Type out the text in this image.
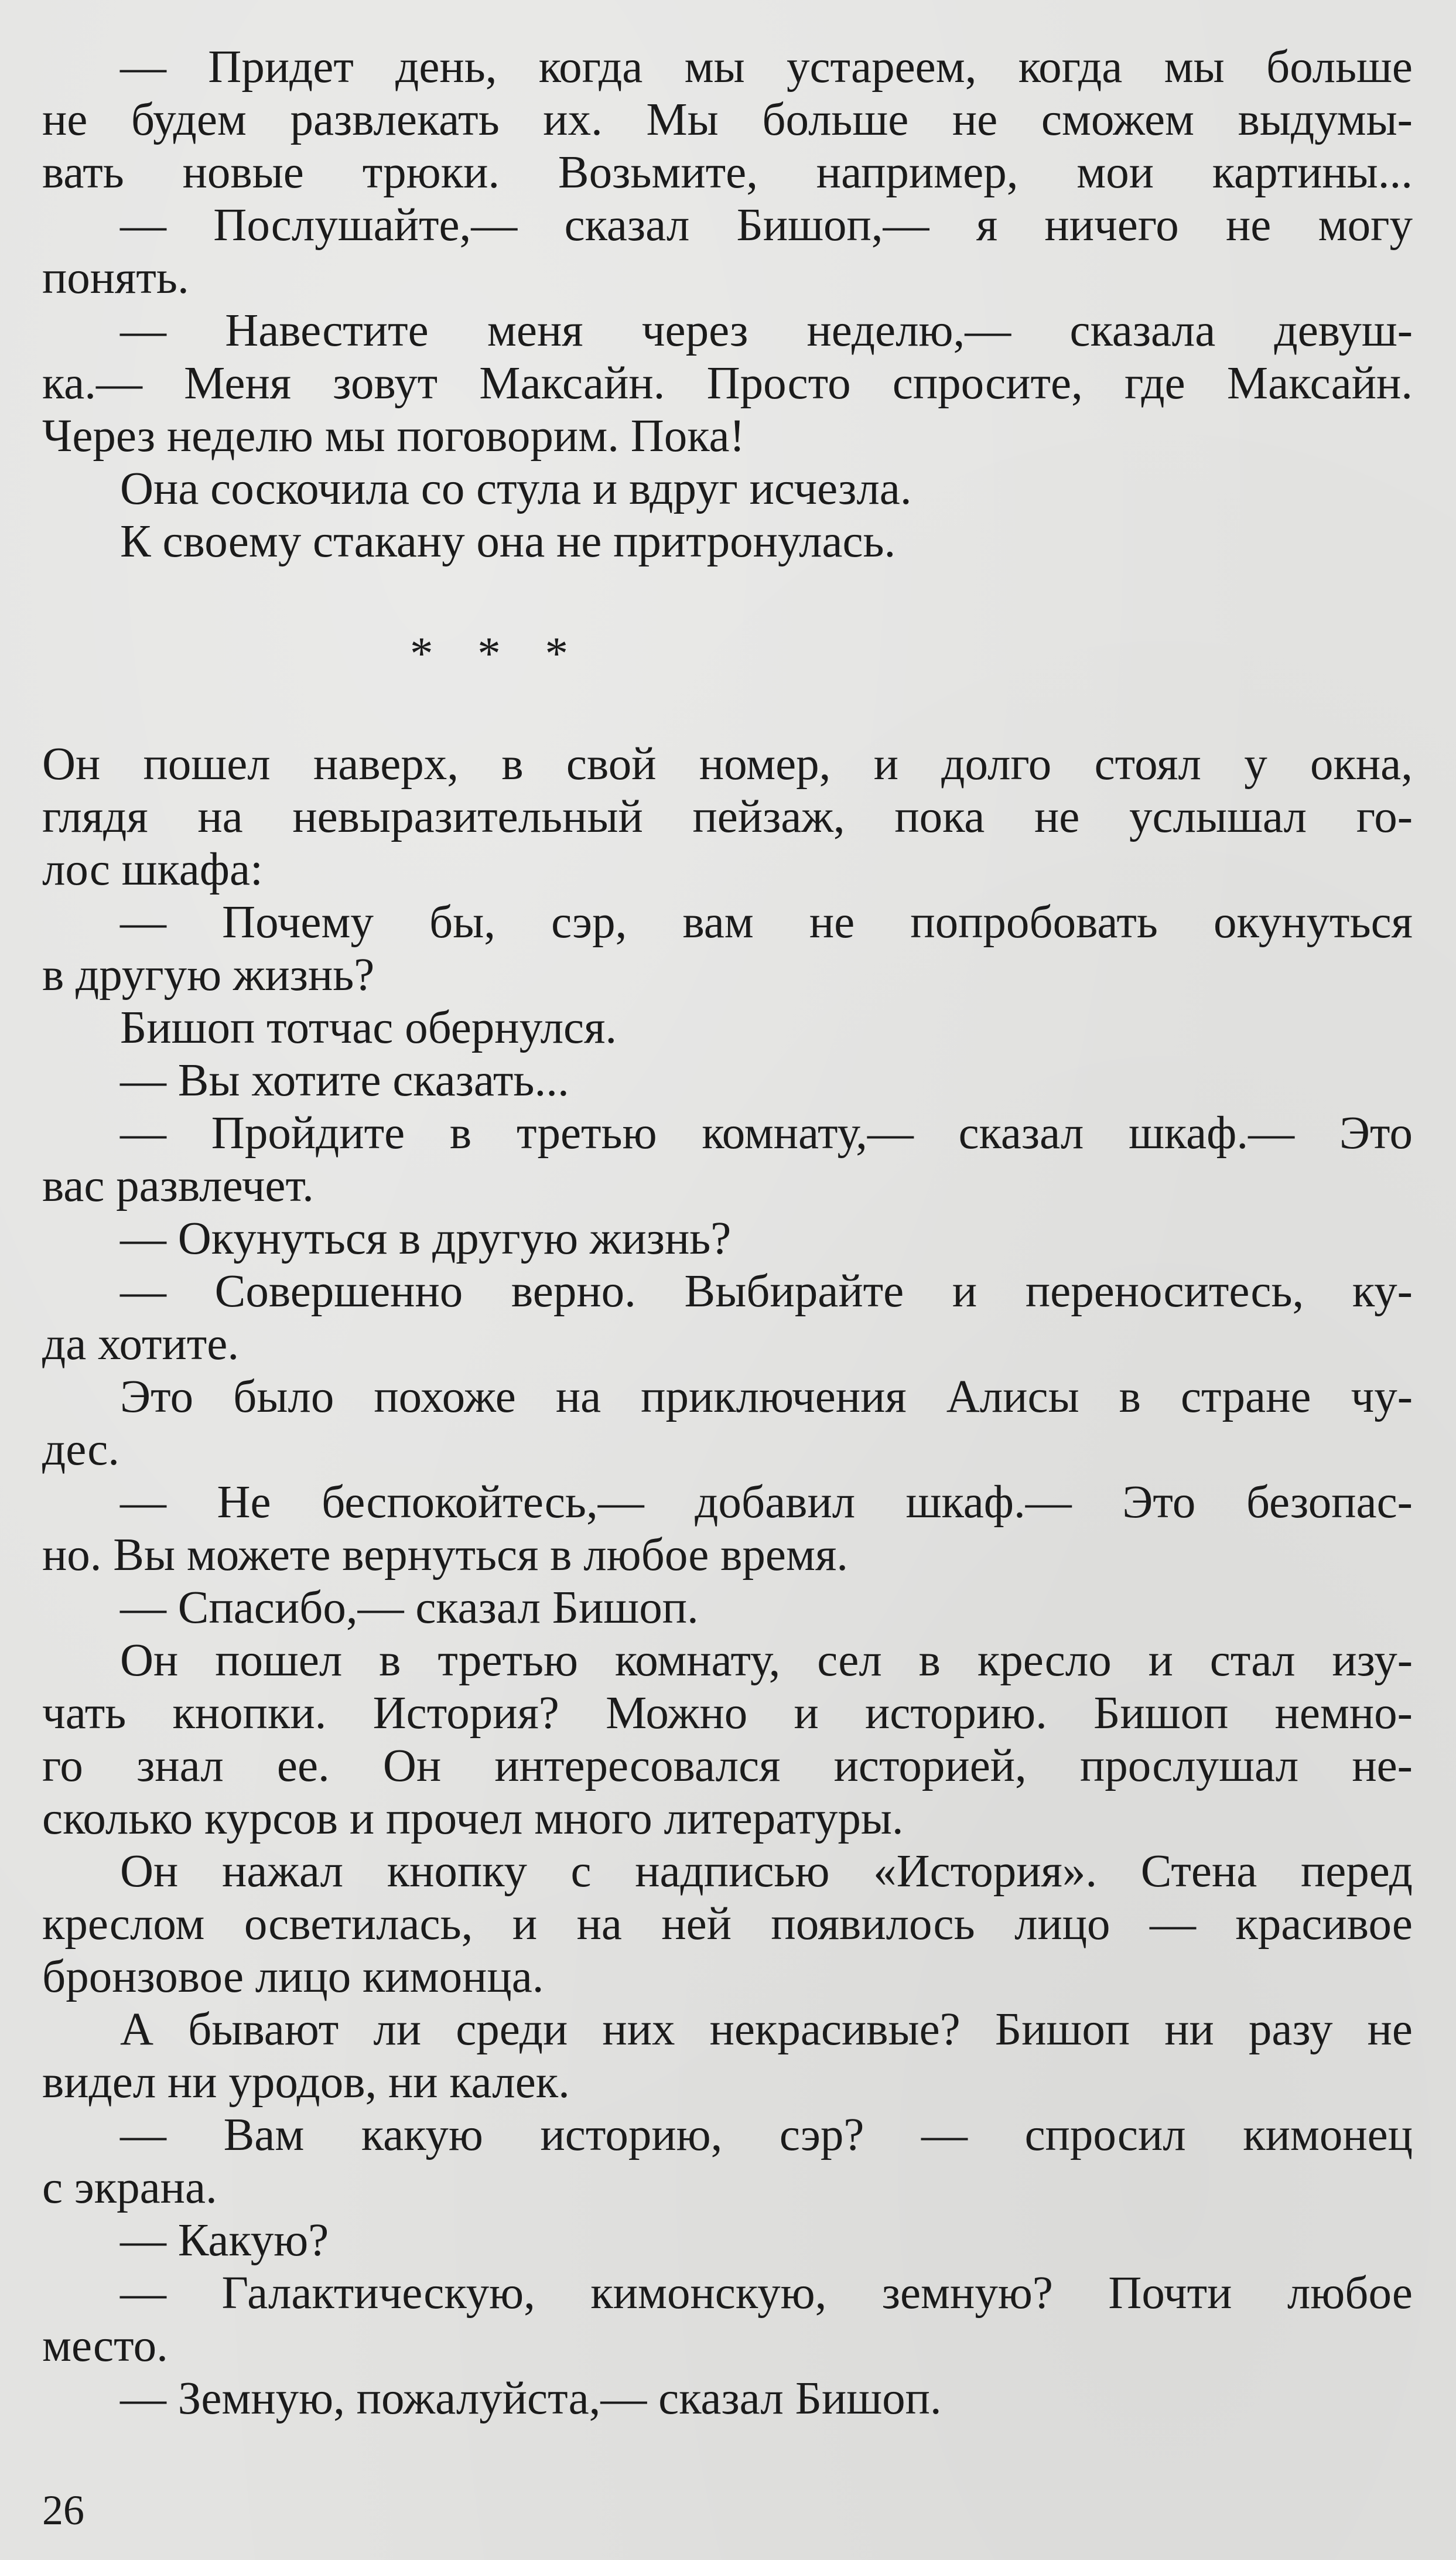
— Придет день, когда мы устареем, когда мы больше
не будем развлекать их. Мы больше не сможем выдумы-
вать новые трюки. Возьмите, например, мои картины...
— Послушайте,— сказал Бишоп,— я ничего не могу
понять.
— Навестите меня через неделю,— сказала девуш-
ка.— Меня зовут Максайн. Просто спросите, где Максайн.
Через неделю мы поговорим. Пока!
Она соскочила со стула и вдруг исчезла.
К своему стакану она не притронулась.
* * *
Он пошел наверх, в свой номер, и долго стоял у окна,
глядя на невыразительный пейзаж, пока не услышал го-
лос шкафа:
— Почему бы, сэр, вам не попробовать окунуться
в другую жизнь?
Бишоп тотчас обернулся.
— Вы хотите сказать...
— Пройдите в третью комнату,— сказал шкаф.— Это
вас развлечет.
— Окунуться в другую жизнь?
— Совершенно верно. Выбирайте и переноситесь, ку-
да хотите.
Это было похоже на приключения Алисы в стране чу-
дес.
— Не беспокойтесь,— добавил шкаф.— Это безопас-
но. Вы можете вернуться в любое время.
— Спасибо,— сказал Бишоп.
Он пошел в третью комнату, сел в кресло и стал изу-
чать кнопки. История? Можно и историю. Бишоп немно-
го знал ее. Он интересовался историей, прослушал не-
сколько курсов и прочел много литературы.
Он нажал кнопку с надписью «История». Стена перед
креслом осветилась, и на ней появилось лицо — красивое
бронзовое лицо кимонца.
А бывают ли среди них некрасивые? Бишоп ни разу не
видел ни уродов, ни калек.
— Вам какую историю, сэр? — спросил кимонец
с экрана.
— Какую?
— Галактическую, кимонскую, земную? Почти любое
место.
— Земную, пожалуйста,— сказал Бишоп.
26
